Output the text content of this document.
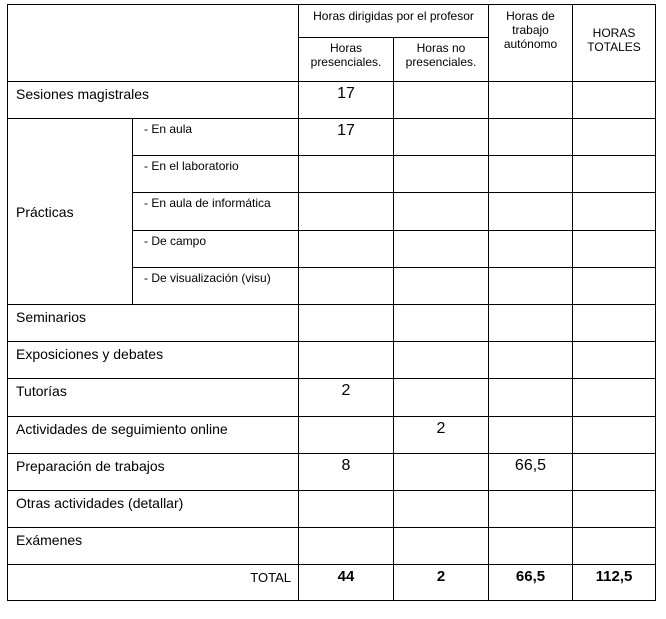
		Horas dirigidas por el profesor		Horas de trabajo autónomo	HORAS TOTALES
		Horas presenciales.	Horas no presenciales.		
Sesiones magistrales		17			
Prácticas	- En aula	17			
	- En el laboratorio				
	- En aula de informática				
	- De campo				
	- De visualización (visu)				
Seminarios					
Exposiciones y debates					
Tutorías		2			
Actividades de seguimiento online			2		
Preparación de trabajos		8		66,5	
Otras actividades (detallar)					
Exámenes					
TOTAL		44	2	66,5	112,5
